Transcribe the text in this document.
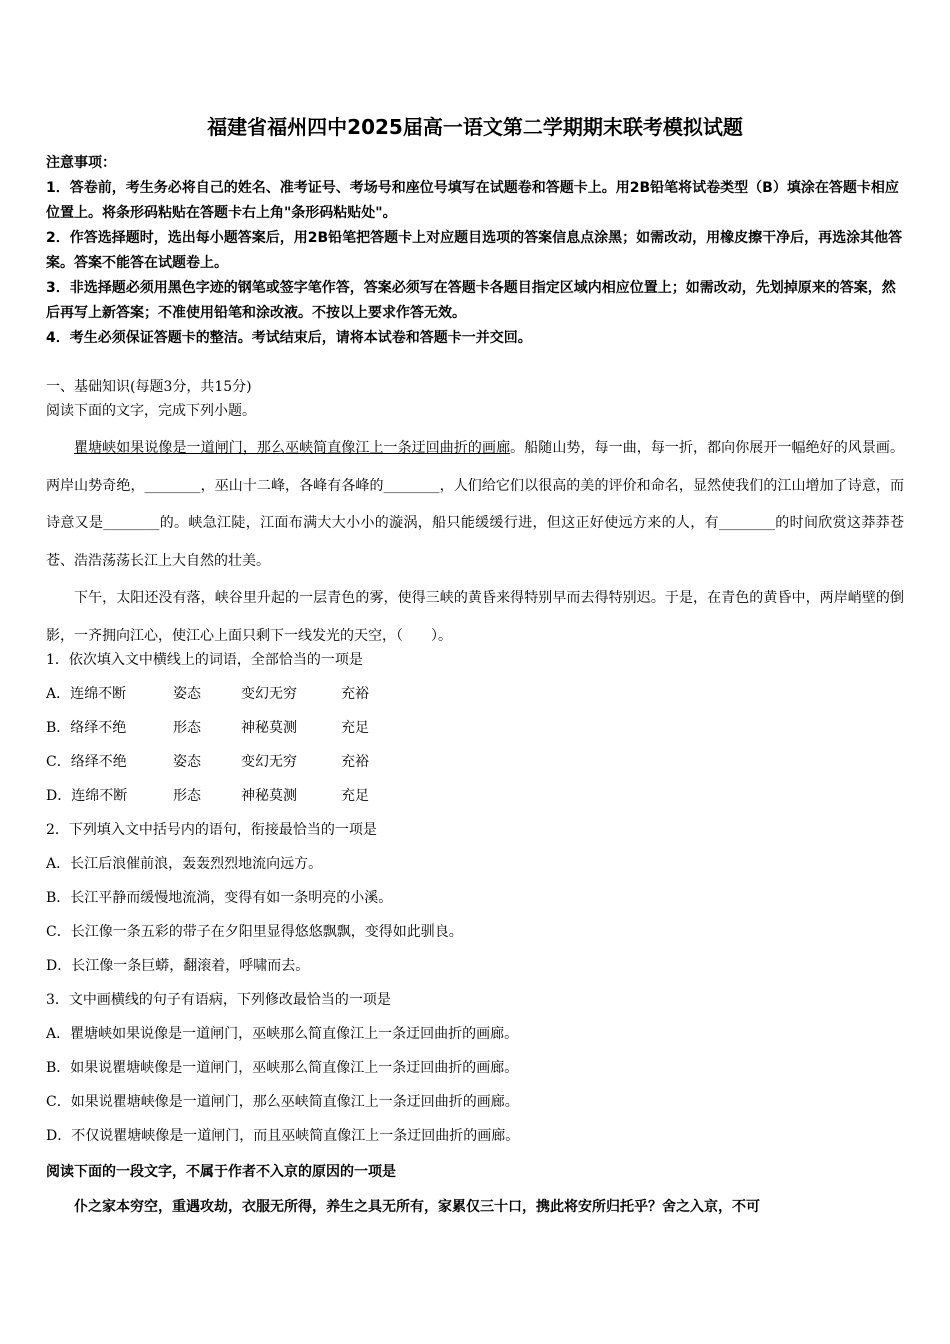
福建省福州四中2025届高一语文第二学期期末联考模拟试题

注意事项：

1．答卷前，考生务必将自己的姓名、准考证号、考场号和座位号填写在试题卷和答题卡上。用2B铅笔将试卷类型（B）填涂在答题卡相应位置上。将条形码粘贴在答题卡右上角"条形码粘贴处"。

2．作答选择题时，选出每小题答案后，用2B铅笔把答题卡上对应题目选项的答案信息点涂黑；如需改动，用橡皮擦干净后，再选涂其他答案。答案不能答在试题卷上。

3．非选择题必须用黑色字迹的钢笔或签字笔作答，答案必须写在答题卡各题目指定区域内相应位置上；如需改动，先划掉原来的答案，然后再写上新答案；不准使用铅笔和涂改液。不按以上要求作答无效。

4．考生必须保证答题卡的整洁。考试结束后，请将本试卷和答题卡一并交回。

一、基础知识(每题3分，共15分)
阅读下面的文字，完成下列小题。

瞿塘峡如果说像是一道闸门，那么巫峡简直像江上一条迂回曲折的画廊。船随山势，每一曲，每一折，都向你展开一幅绝好的风景画。两岸山势奇绝，________，巫山十二峰，各峰有各峰的________，人们给它们以很高的美的评价和命名，显然使我们的江山增加了诗意，而诗意又是________的。峡急江陡，江面布满大大小小的漩涡，船只能缓缓行进，但这正好使远方来的人，有________的时间欣赏这莽莽苍苍、浩浩荡荡长江上大自然的壮美。

下午，太阳还没有落，峡谷里升起的一层青色的雾，使得三峡的黄昏来得特别早而去得特别迟。于是，在青色的黄昏中，两岸峭壁的倒影，一齐拥向江心，使江心上面只剩下一线发光的天空，（　　）。

1．依次填入文中横线上的词语，全部恰当的一项是
A．连绵不断	姿态	变幻无穷	充裕
B．络绎不绝	形态	神秘莫测	充足
C．络绎不绝	姿态	变幻无穷	充裕
D．连绵不断	形态	神秘莫测	充足
2．下列填入文中括号内的语句，衔接最恰当的一项是
A．长江后浪催前浪，轰轰烈烈地流向远方。
B．长江平静而缓慢地流淌，变得有如一条明亮的小溪。
C．长江像一条五彩的带子在夕阳里显得悠悠飘飘，变得如此驯良。
D．长江像一条巨蟒，翻滚着，呼啸而去。
3．文中画横线的句子有语病，下列修改最恰当的一项是
A．瞿塘峡如果说像是一道闸门，巫峡那么简直像江上一条迂回曲折的画廊。
B．如果说瞿塘峡像是一道闸门，巫峡那么简直像江上一条迂回曲折的画廊。
C．如果说瞿塘峡像是一道闸门，那么巫峡简直像江上一条迂回曲折的画廊。
D．不仅说瞿塘峡像是一道闸门，而且巫峡简直像江上一条迂回曲折的画廊。
阅读下面的一段文字，不属于作者不入京的原因的一项是
仆之家本穷空，重遇攻劫，衣服无所得，养生之具无所有，家累仅三十口，携此将安所归托乎？舍之入京，不可
